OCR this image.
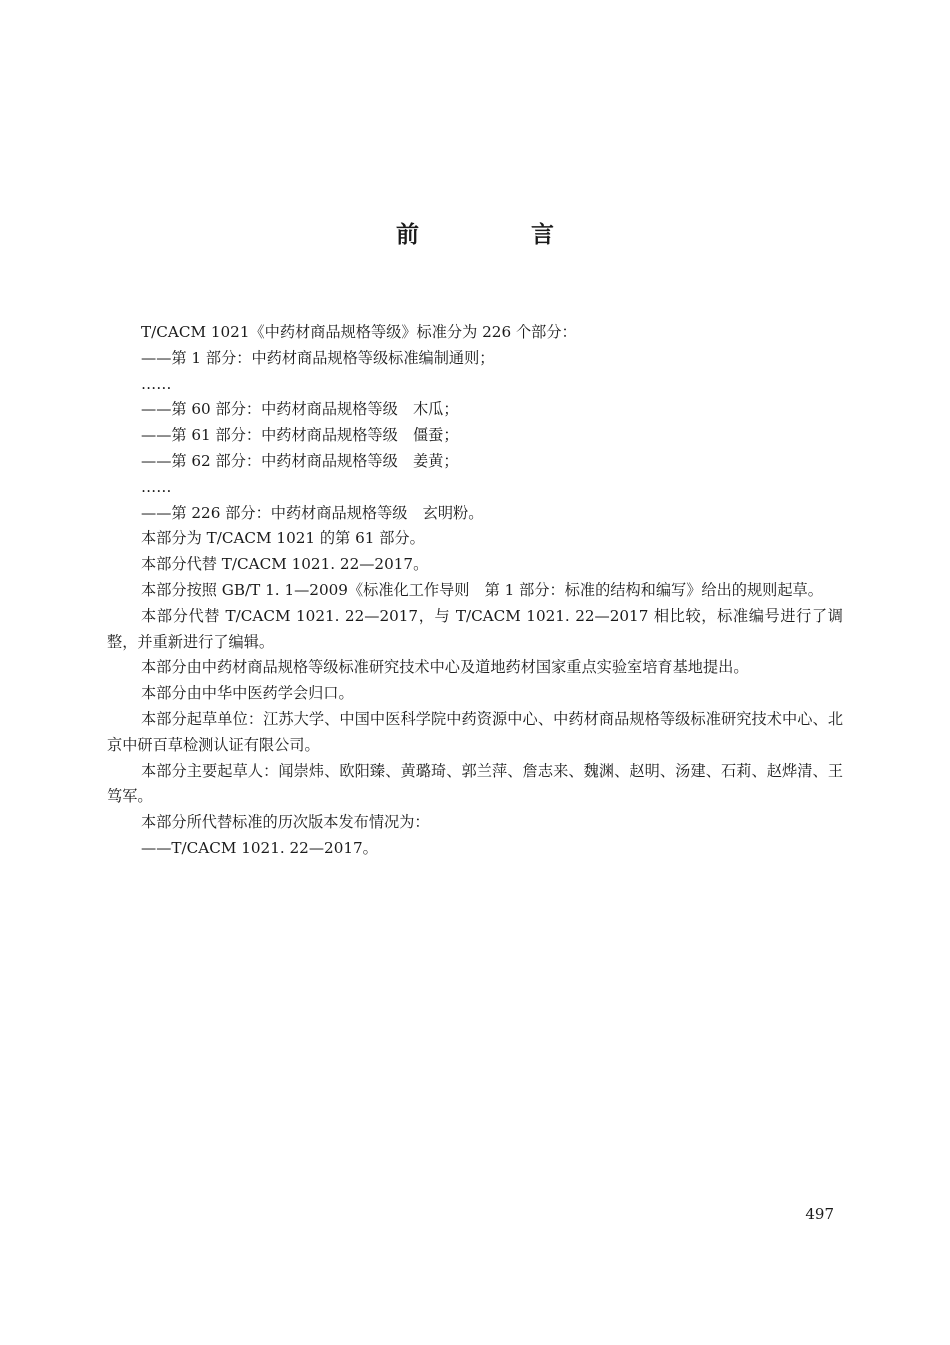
前 言

T/CACM 1021《中药材商品规格等级》标准分为 226 个部分：

——第 1 部分：中药材商品规格等级标准编制通则；

……

——第 60 部分：中药材商品规格等级　木瓜；

——第 61 部分：中药材商品规格等级　僵蚕；

——第 62 部分：中药材商品规格等级　姜黄；

……

——第 226 部分：中药材商品规格等级　玄明粉。

本部分为 T/CACM 1021 的第 61 部分。

本部分代替 T/CACM 1021. 22—2017。

本部分按照 GB/T 1. 1—2009《标准化工作导则　第 1 部分：标准的结构和编写》给出的规则起草。

本部分代替 T/CACM 1021. 22—2017，与 T/CACM 1021. 22—2017 相比较，标准编号进行了调整，并重新进行了编辑。

本部分由中药材商品规格等级标准研究技术中心及道地药材国家重点实验室培育基地提出。

本部分由中华中医药学会归口。

本部分起草单位：江苏大学、中国中医科学院中药资源中心、中药材商品规格等级标准研究技术中心、北京中研百草检测认证有限公司。

本部分主要起草人：闻崇炜、欧阳臻、黄璐琦、郭兰萍、詹志来、魏渊、赵明、汤建、石莉、赵烨清、王笃军。

本部分所代替标准的历次版本发布情况为：

——T/CACM 1021. 22—2017。

497
